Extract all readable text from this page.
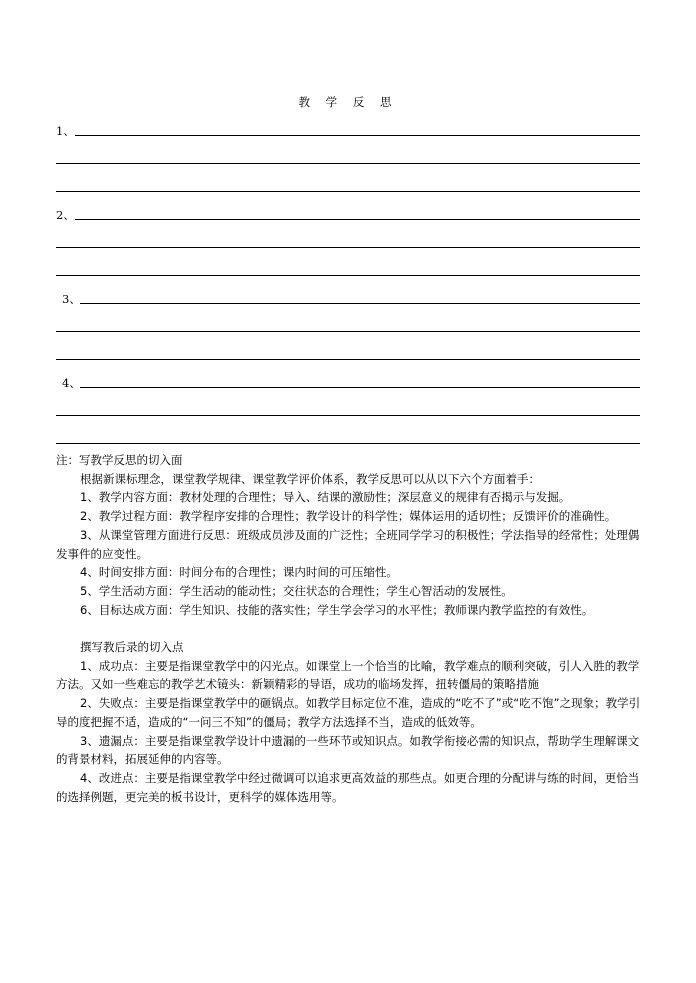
教 学 反 思
1、
2、
3、
4、

注：写教学反思的切入面

根据新课标理念，课堂教学规律、课堂教学评价体系，教学反思可以从以下六个方面着手：

1、教学内容方面：教材处理的合理性；导入、结课的激励性；深层意义的规律有否揭示与发掘。

2、教学过程方面：教学程序安排的合理性；教学设计的科学性；媒体运用的适切性；反馈评价的准确性。

3、从课堂管理方面进行反思：班级成员涉及面的广泛性；全班同学学习的积极性；学法指导的经常性；处理偶发事件的应变性。

4、时间安排方面：时间分布的合理性；课内时间的可压缩性。

5、学生活动方面：学生活动的能动性；交往状态的合理性；学生心智活动的发展性。

6、目标达成方面：学生知识、技能的落实性；学生学会学习的水平性；教师课内教学监控的有效性。

撰写教后录的切入点

1、成功点：主要是指课堂教学中的闪光点。如课堂上一个恰当的比喻，教学难点的顺利突破，引人入胜的教学方法。又如一些难忘的教学艺术镜头：新颖精彩的导语，成功的临场发挥，扭转僵局的策略措施

2、失败点：主要是指课堂教学中的砸锅点。如教学目标定位不准，造成的“吃不了”或“吃不饱”之现象；教学引导的度把握不适，造成的“一问三不知”的僵局；教学方法选择不当，造成的低效等。

3、遗漏点：主要是指课堂教学设计中遗漏的一些环节或知识点。如教学衔接必需的知识点，帮助学生理解课文的背景材料，拓展延伸的内容等。

4、改进点：主要是指课堂教学中经过微调可以追求更高效益的那些点。如更合理的分配讲与练的时间，更恰当的选择例题，更完美的板书设计，更科学的媒体选用等。
